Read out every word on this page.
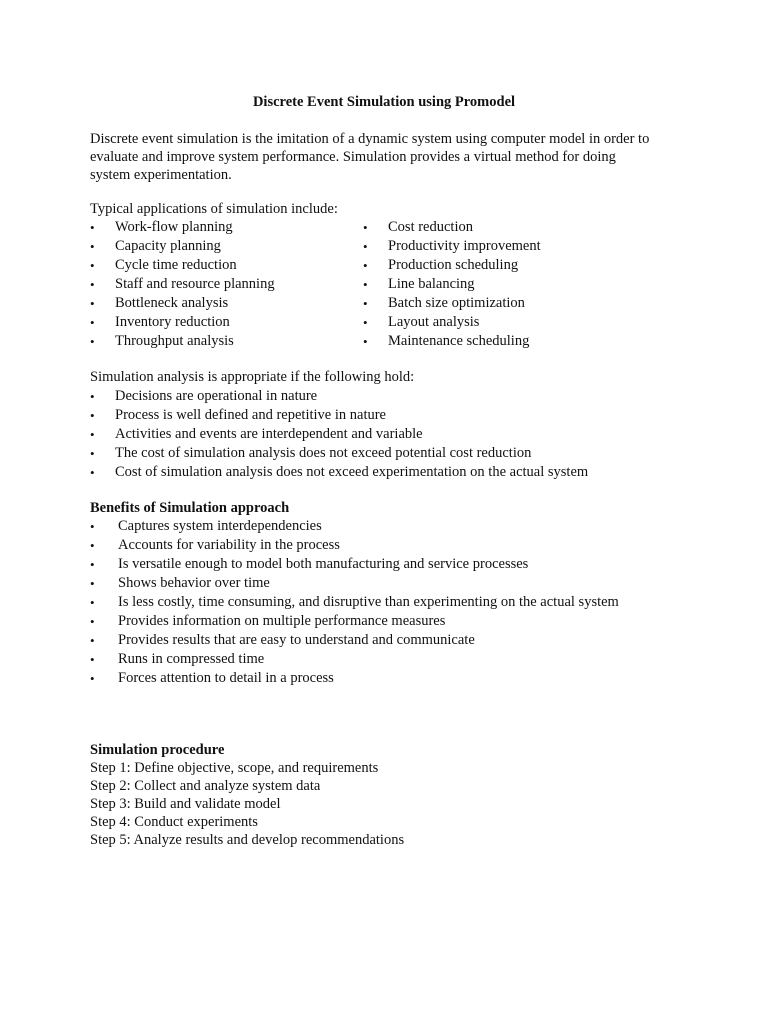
Discrete Event Simulation using Promodel
Discrete event simulation is the imitation of a dynamic system using computer model in order to
evaluate and improve system performance. Simulation provides a virtual method for doing
system experimentation.
Typical applications of simulation include:
• Work-flow planning
• Capacity planning
• Cycle time reduction
• Staff and resource planning
• Bottleneck analysis
• Inventory reduction
• Throughput analysis
• Cost reduction
• Productivity improvement
• Production scheduling
• Line balancing
• Batch size optimization
• Layout analysis
• Maintenance scheduling
Simulation analysis is appropriate if the following hold:
• Decisions are operational in nature
• Process is well defined and repetitive in nature
• Activities and events are interdependent and variable
• The cost of simulation analysis does not exceed potential cost reduction
• Cost of simulation analysis does not exceed experimentation on the actual system
Benefits of Simulation approach
• Captures system interdependencies
• Accounts for variability in the process
• Is versatile enough to model both manufacturing and service processes
• Shows behavior over time
• Is less costly, time consuming, and disruptive than experimenting on the actual system
• Provides information on multiple performance measures
• Provides results that are easy to understand and communicate
• Runs in compressed time
• Forces attention to detail in a process
Simulation procedure
Step 1: Define objective, scope, and requirements
Step 2: Collect and analyze system data
Step 3: Build and validate model
Step 4: Conduct experiments
Step 5: Analyze results and develop recommendations
